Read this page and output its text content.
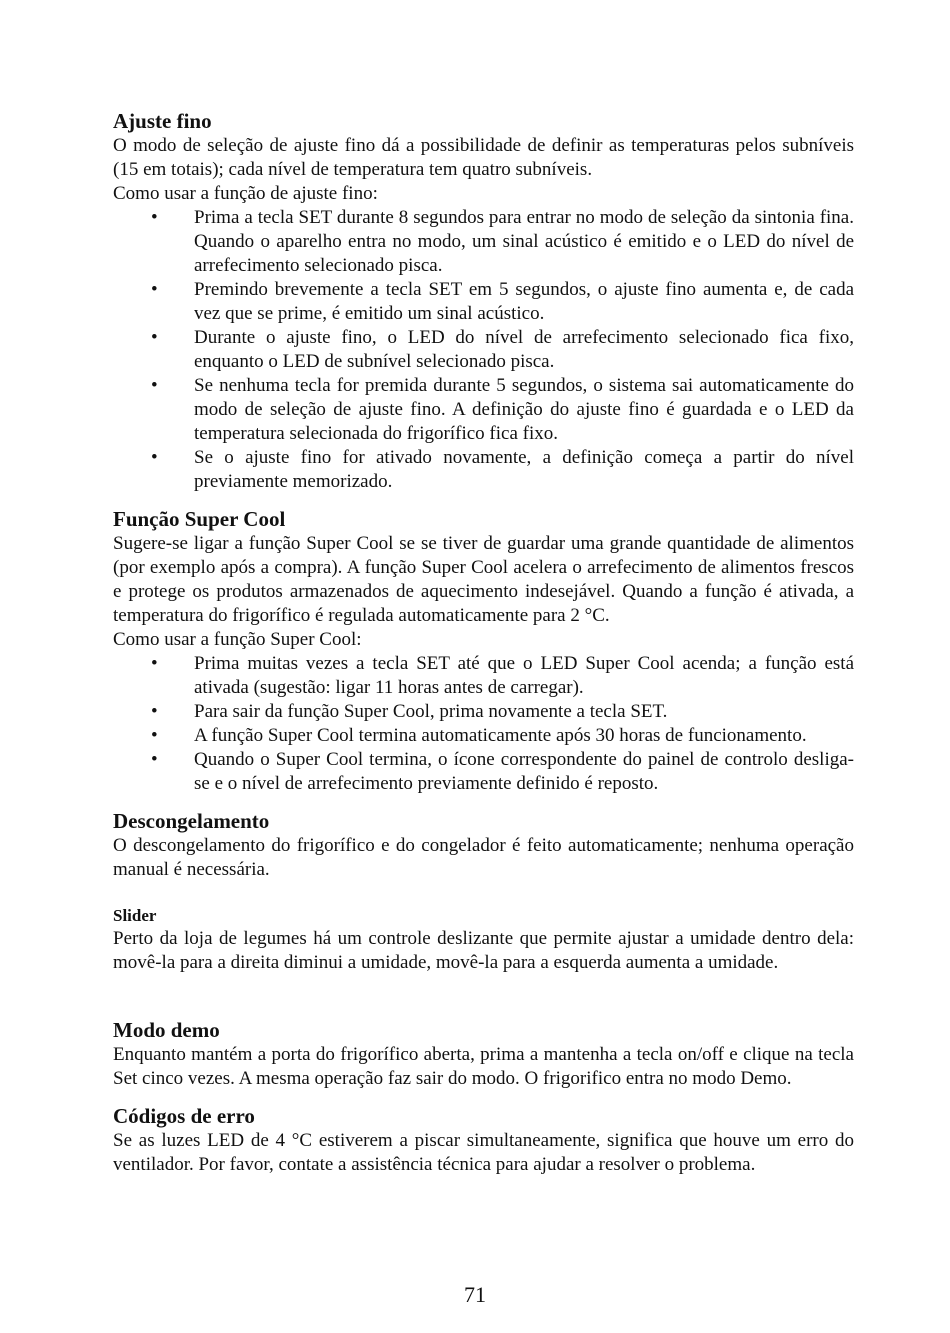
Ajuste fino

O modo de seleção de ajuste fino dá a possibilidade de definir as temperaturas pelos subníveis (15 em totais); cada nível de temperatura tem quatro subníveis.

Como usar a função de ajuste fino:

• Prima a tecla SET durante 8 segundos para entrar no modo de seleção da sintonia fina. Quando o aparelho entra no modo, um sinal acústico é emitido e o LED do nível de arrefecimento selecionado pisca.
• Premindo brevemente a tecla SET em 5 segundos, o ajuste fino aumenta e, de cada vez que se prime, é emitido um sinal acústico.
• Durante o ajuste fino, o LED do nível de arrefecimento selecionado fica fixo, enquanto o LED de subnível selecionado pisca.
• Se nenhuma tecla for premida durante 5 segundos, o sistema sai automaticamente do modo de seleção de ajuste fino. A definição do ajuste fino é guardada e o LED da temperatura selecionada do frigorífico fica fixo.
• Se o ajuste fino for ativado novamente, a definição começa a partir do nível previamente memorizado.
Função Super Cool

Sugere-se ligar a função Super Cool se se tiver de guardar uma grande quantidade de alimentos (por exemplo após a compra). A função Super Cool acelera o arrefecimento de alimentos frescos e protege os produtos armazenados de aquecimento indesejável. Quando a função é ativada, a temperatura do frigorífico é regulada automaticamente para 2 °C.

Como usar a função Super Cool:

• Prima muitas vezes a tecla SET até que o LED Super Cool acenda; a função está ativada (sugestão: ligar 11 horas antes de carregar).
• Para sair da função Super Cool, prima novamente a tecla SET.
• A função Super Cool termina automaticamente após 30 horas de funcionamento.
• Quando o Super Cool termina, o ícone correspondente do painel de controlo desliga-se e o nível de arrefecimento previamente definido é reposto.
Descongelamento

O descongelamento do frigorífico e do congelador é feito automaticamente; nenhuma operação manual é necessária.

Slider

Perto da loja de legumes há um controle deslizante que permite ajustar a umidade dentro dela: movê-la para a direita diminui a umidade, movê-la para a esquerda aumenta a umidade.

Modo demo

Enquanto mantém a porta do frigorífico aberta, prima a mantenha a tecla on/off e clique na tecla Set cinco vezes. A mesma operação faz sair do modo. O frigorifico entra no modo Demo.

Códigos de erro

Se as luzes LED de 4 °C estiverem a piscar simultaneamente, significa que houve um erro do ventilador. Por favor, contate a assistência técnica para ajudar a resolver o problema.

71
